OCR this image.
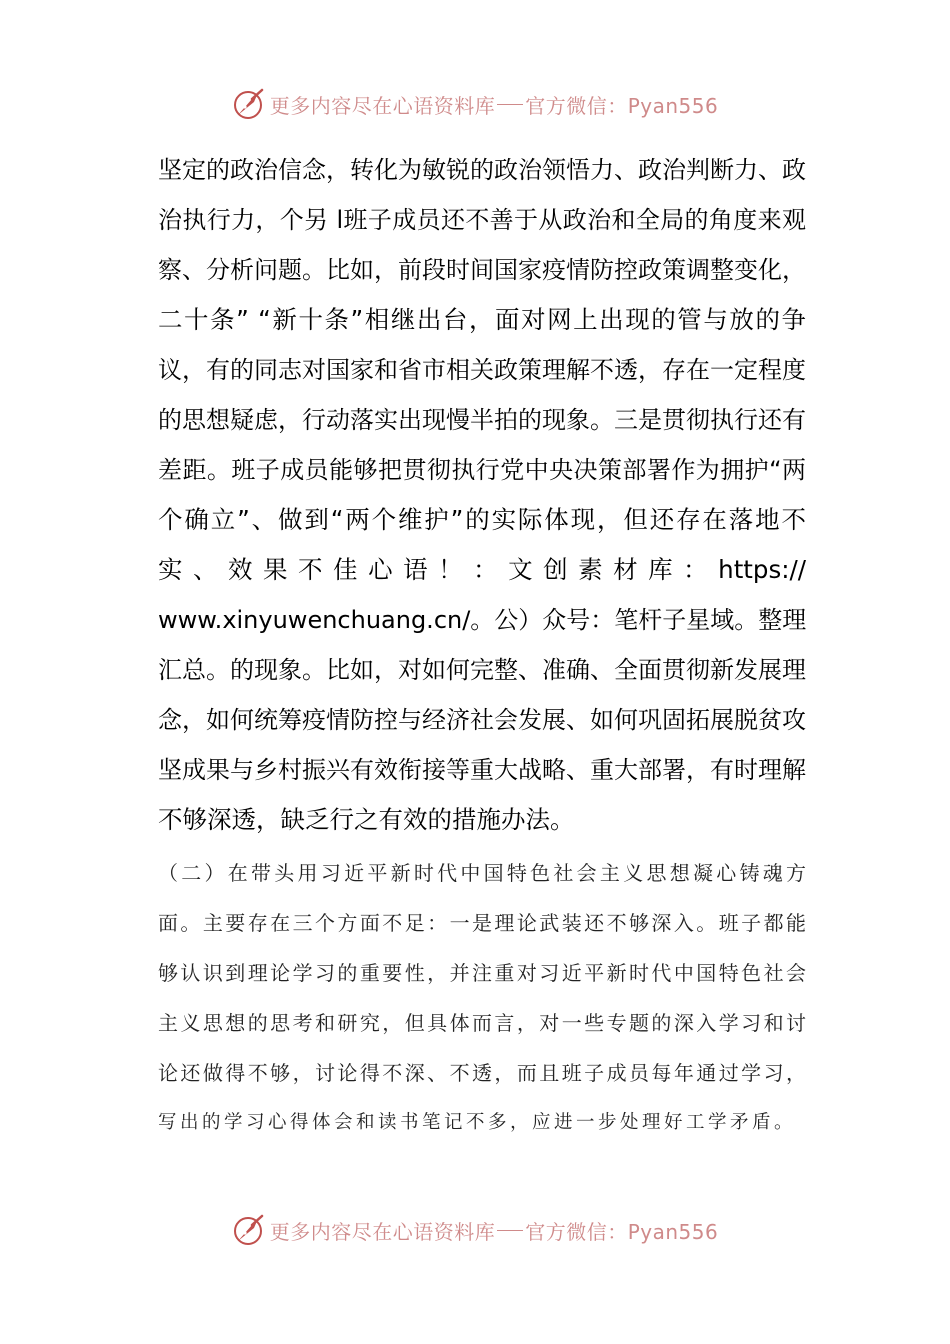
更多内容尽在心语资料库 官方微信：Pyan556
坚定的政治信念，转化为敏锐的政治领悟力、政治判断力、政
治执行力，个另 l班子成员还不善于从政治和全局的角度来观
察、分析问题。比如，前段时间国家疫情防控政策调整变化，
二十条” “新十条”相继出台，面对网上出现的管与放的争
议，有的同志对国家和省市相关政策理解不透，存在一定程度
的思想疑虑，行动落实出现慢半拍的现象。三是贯彻执行还有
差距。班子成员能够把贯彻执行党中央决策部署作为拥护“两
个确立”、做到“两个维护”的实际体现，但还存在落地不
实、效果不佳心语！：文创素材库：https://
www.xinyuwenchuang.cn/。公）众号：笔杆子星域。整理
汇总。的现象。比如，对如何完整、准确、全面贯彻新发展理
念，如何统筹疫情防控与经济社会发展、如何巩固拓展脱贫攻
坚成果与乡村振兴有效衔接等重大战略、重大部署，有时理解
不够深透，缺乏行之有效的措施办法。
（二）在带头用习近平新时代中国特色社会主义思想凝心铸魂方
面。主要存在三个方面不足：一是理论武装还不够深入。班子都能
够认识到理论学习的重要性，并注重对习近平新时代中国特色社会
主义思想的思考和研究，但具体而言，对一些专题的深入学习和讨
论还做得不够，讨论得不深、不透，而且班子成员每年通过学习，
写出的学习心得体会和读书笔记不多，应进一步处理好工学矛盾。
更多内容尽在心语资料库 官方微信：Pyan556
